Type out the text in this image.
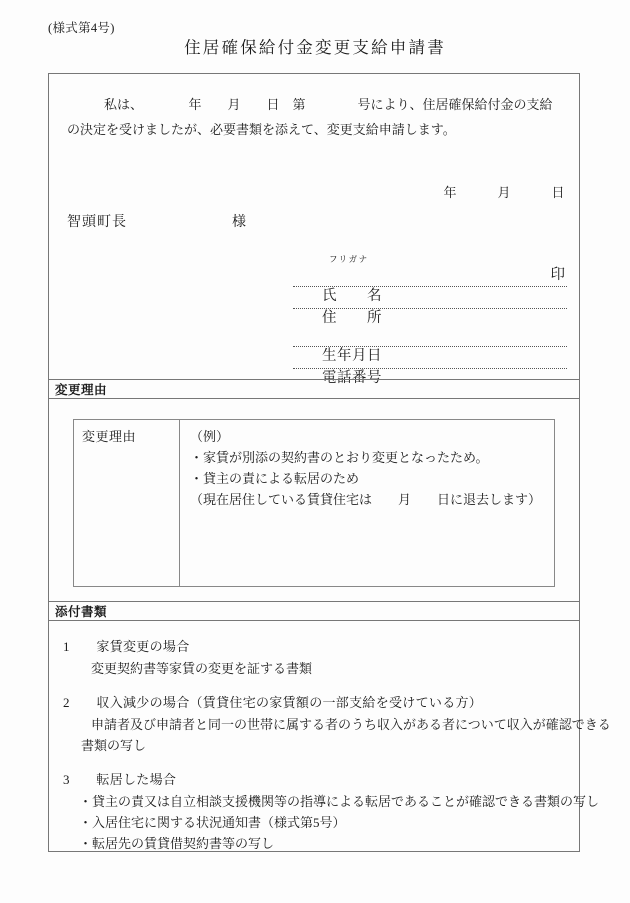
(様式第4号)
住居確保給付金変更支給申請書
　私は、　　　　年　　月　　日　第　　　　号により、住居確保給付金の支給
の決定を受けましたが、必要書類を添えて、変更支給申請します。
年　　　月　　　日
智頭町長　　　　　　　様
フリガナ

氏　　名

印

住　　所

生年月日

電話番号

変更理由
変更理由	（例）
・家賃が別添の契約書のとおり変更となったため。
・貸主の責による転居のため
（現在居住している賃貸住宅は　　月　　日に退去します）
添付書類
1　　家賃変更の場合
変更契約書等家賃の変更を証する書類
2　　収入減少の場合（賃貸住宅の家賃額の一部支給を受けている方）
申請者及び申請者と同一の世帯に属する者のうち収入がある者について収入が確認できる
書類の写し
3　　転居した場合
・貸主の責又は自立相談支援機関等の指導による転居であることが確認できる書類の写し
・入居住宅に関する状況通知書（様式第5号）
・転居先の賃貸借契約書等の写し
